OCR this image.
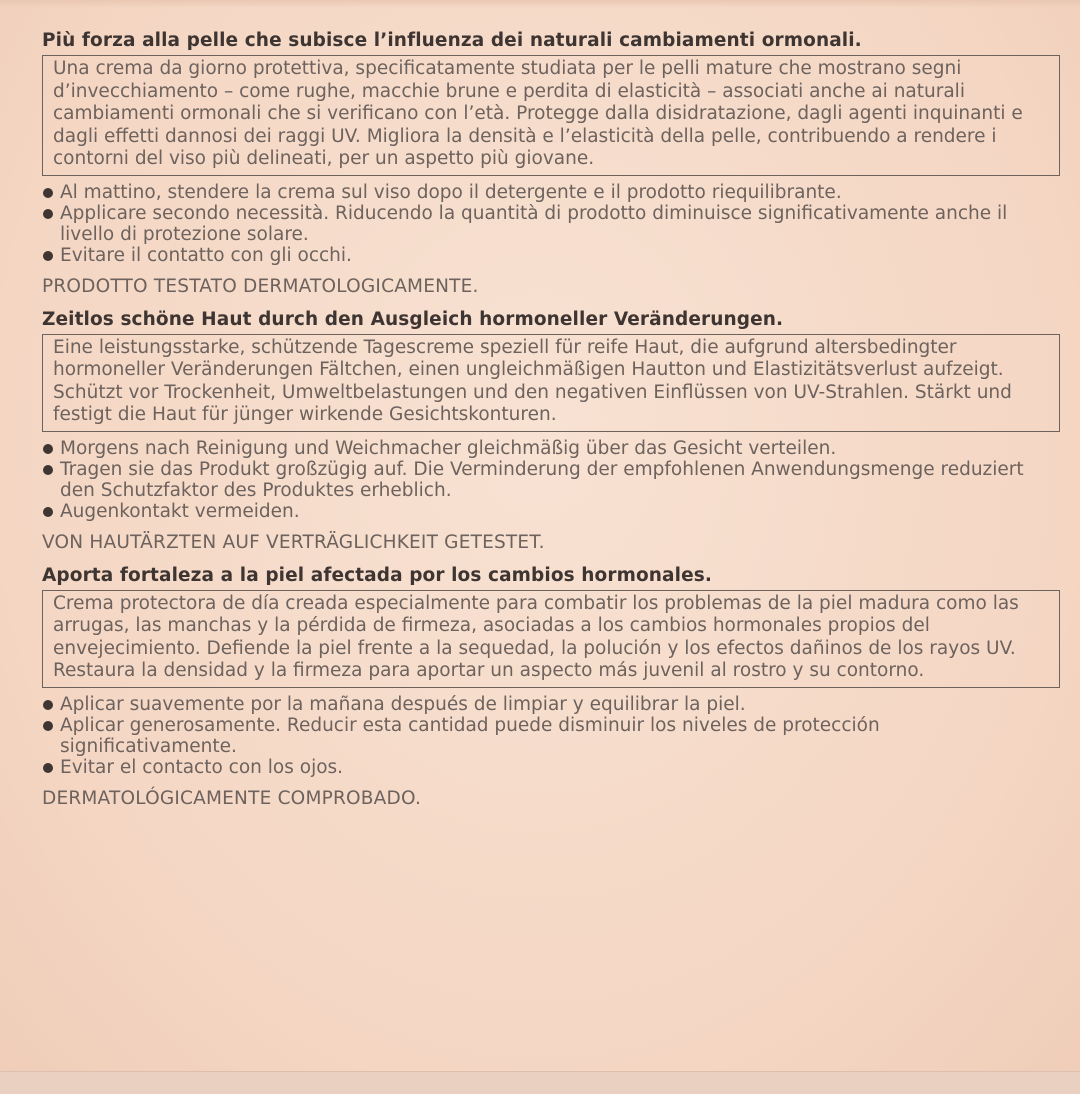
Più forza alla pelle che subisce l’influenza dei naturali cambiamenti ormonali.
Una crema da giorno protettiva, specificatamente studiata per le pelli mature che mostrano segni d’invecchiamento – come rughe, macchie brune e perdita di elasticità – associati anche ai naturali cambiamenti ormonali che si verificano con l’età. Protegge dalla disidratazione, dagli agenti inquinanti e dagli effetti dannosi dei raggi UV. Migliora la densità e l’elasticità della pelle, contribuendo a rendere i contorni del viso più delineati, per un aspetto più giovane.
Al mattino, stendere la crema sul viso dopo il detergente e il prodotto riequilibrante.
Applicare secondo necessità. Riducendo la quantità di prodotto diminuisce significativamente anche il livello di protezione solare.
Evitare il contatto con gli occhi.
PRODOTTO TESTATO DERMATOLOGICAMENTE.
Zeitlos schöne Haut durch den Ausgleich hormoneller Veränderungen.
Eine leistungsstarke, schützende Tagescreme speziell für reife Haut, die aufgrund altersbedingter hormoneller Veränderungen Fältchen, einen ungleichmäßigen Hautton und Elastizitätsverlust aufzeigt. Schützt vor Trockenheit, Umweltbelastungen und den negativen Einflüssen von UV-Strahlen. Stärkt und festigt die Haut für jünger wirkende Gesichtskonturen.
Morgens nach Reinigung und Weichmacher gleichmäßig über das Gesicht verteilen.
Tragen sie das Produkt großzügig auf. Die Verminderung der empfohlenen Anwendungsmenge reduziert den Schutzfaktor des Produktes erheblich.
Augenkontakt vermeiden.
VON HAUTÄRZTEN AUF VERTRÄGLICHKEIT GETESTET.
Aporta fortaleza a la piel afectada por los cambios hormonales.
Crema protectora de día creada especialmente para combatir los problemas de la piel madura como las arrugas, las manchas y la pérdida de firmeza, asociadas a los cambios hormonales propios del envejecimiento. Defiende la piel frente a la sequedad, la polución y los efectos dañinos de los rayos UV. Restaura la densidad y la firmeza para aportar un aspecto más juvenil al rostro y su contorno.
Aplicar suavemente por la mañana después de limpiar y equilibrar la piel.
Aplicar generosamente. Reducir esta cantidad puede disminuir los niveles de protección significativamente.
Evitar el contacto con los ojos.
DERMATOLÓGICAMENTE COMPROBADO.
